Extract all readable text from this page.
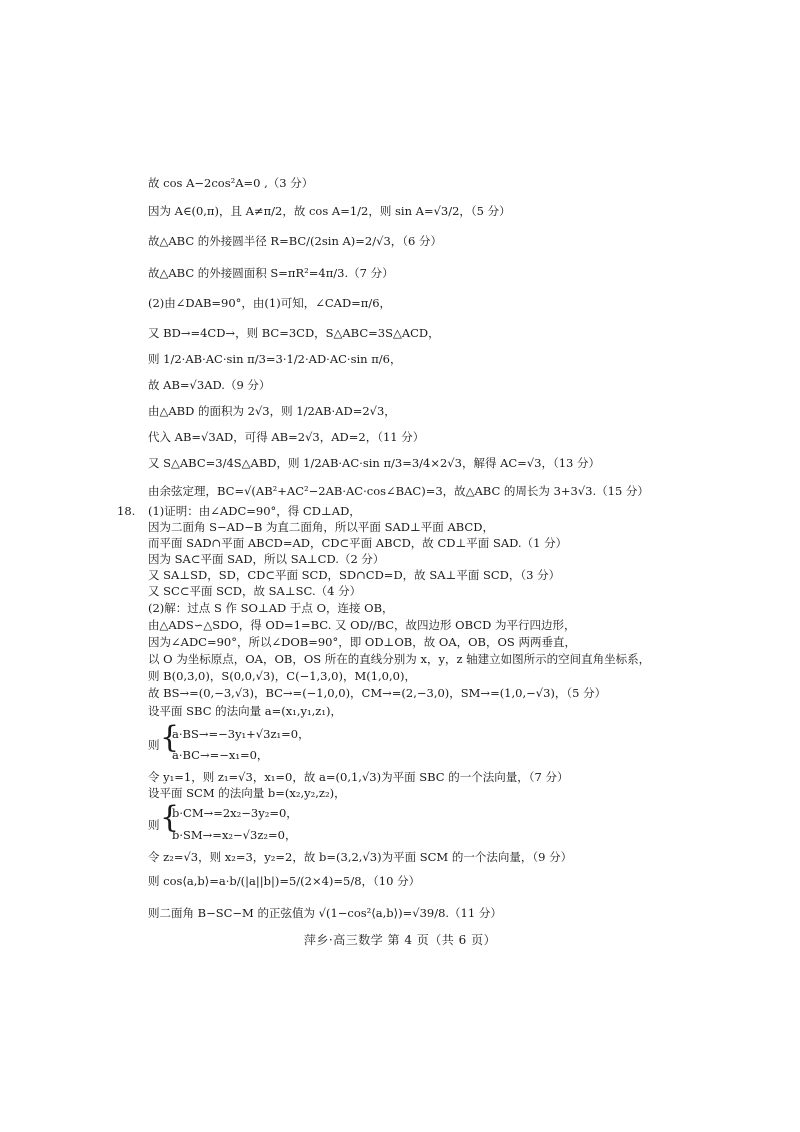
故 cos A−2cos²A=0 ,（3 分）
因为 A∈(0,π)，且 A≠π/2，故 cos A=1/2，则 sin A=√3/2，（5 分）
故△ABC 的外接圆半径 R=BC/(2sin A)=2/√3，（6 分）
故△ABC 的外接圆面积 S=πR²=4π/3.（7 分）
(2)由∠DAB=90°，由(1)可知，∠CAD=π/6，
又 BD→=4CD→，则 BC=3CD，S△ABC=3S△ACD，
则 1/2·AB·AC·sin π/3=3·1/2·AD·AC·sin π/6，
故 AB=√3AD.（9 分）
由△ABD 的面积为 2√3，则 1/2AB·AD=2√3，
代入 AB=√3AD，可得 AB=2√3，AD=2，（11 分）
又 S△ABC=3/4S△ABD，则 1/2AB·AC·sin π/3=3/4×2√3，解得 AC=√3，（13 分）
由余弦定理，BC=√(AB²+AC²−2AB·AC·cos∠BAC)=3，故△ABC 的周长为 3+3√3.（15 分）
18. (1)证明：由∠ADC=90°，得 CD⊥AD，
因为二面角 S−AD−B 为直二面角，所以平面 SAD⊥平面 ABCD，
而平面 SAD∩平面 ABCD=AD，CD⊂平面 ABCD，故 CD⊥平面 SAD.（1 分）
因为 SA⊂平面 SAD，所以 SA⊥CD.（2 分）
又 SA⊥SD，SD，CD⊂平面 SCD，SD∩CD=D，故 SA⊥平面 SCD，（3 分）
又 SC⊂平面 SCD，故 SA⊥SC.（4 分）
(2)解：过点 S 作 SO⊥AD 于点 O，连接 OB，
由△ADS∽△SDO，得 OD=1=BC. 又 OD//BC，故四边形 OBCD 为平行四边形，
因为∠ADC=90°，所以∠DOB=90°，即 OD⊥OB，故 OA，OB，OS 两两垂直，
以 O 为坐标原点，OA，OB，OS 所在的直线分别为 x，y，z 轴建立如图所示的空间直角坐标系，
则 B(0,3,0)，S(0,0,√3)，C(−1,3,0)，M(1,0,0)，
故 BS→=(0,−3,√3)，BC→=(−1,0,0)，CM→=(2,−3,0)，SM→=(1,0,−√3)，（5 分）
设平面 SBC 的法向量 a=(x₁,y₁,z₁)，
则 {
a·BS→=−3y₁+√3z₁=0，
a·BC→=−x₁=0，
令 y₁=1，则 z₁=√3，x₁=0，故 a=(0,1,√3)为平面 SBC 的一个法向量，（7 分）
设平面 SCM 的法向量 b=(x₂,y₂,z₂)，
则 {
b·CM→=2x₂−3y₂=0，
b·SM→=x₂−√3z₂=0，
令 z₂=√3，则 x₂=3，y₂=2，故 b=(3,2,√3)为平面 SCM 的一个法向量，（9 分）
则 cos⟨a,b⟩=a·b/(|a||b|)=5/(2×4)=5/8，（10 分）
则二面角 B−SC−M 的正弦值为 √(1−cos²⟨a,b⟩)=√39/8.（11 分）
萍乡·高三数学 第 4 页（共 6 页）
